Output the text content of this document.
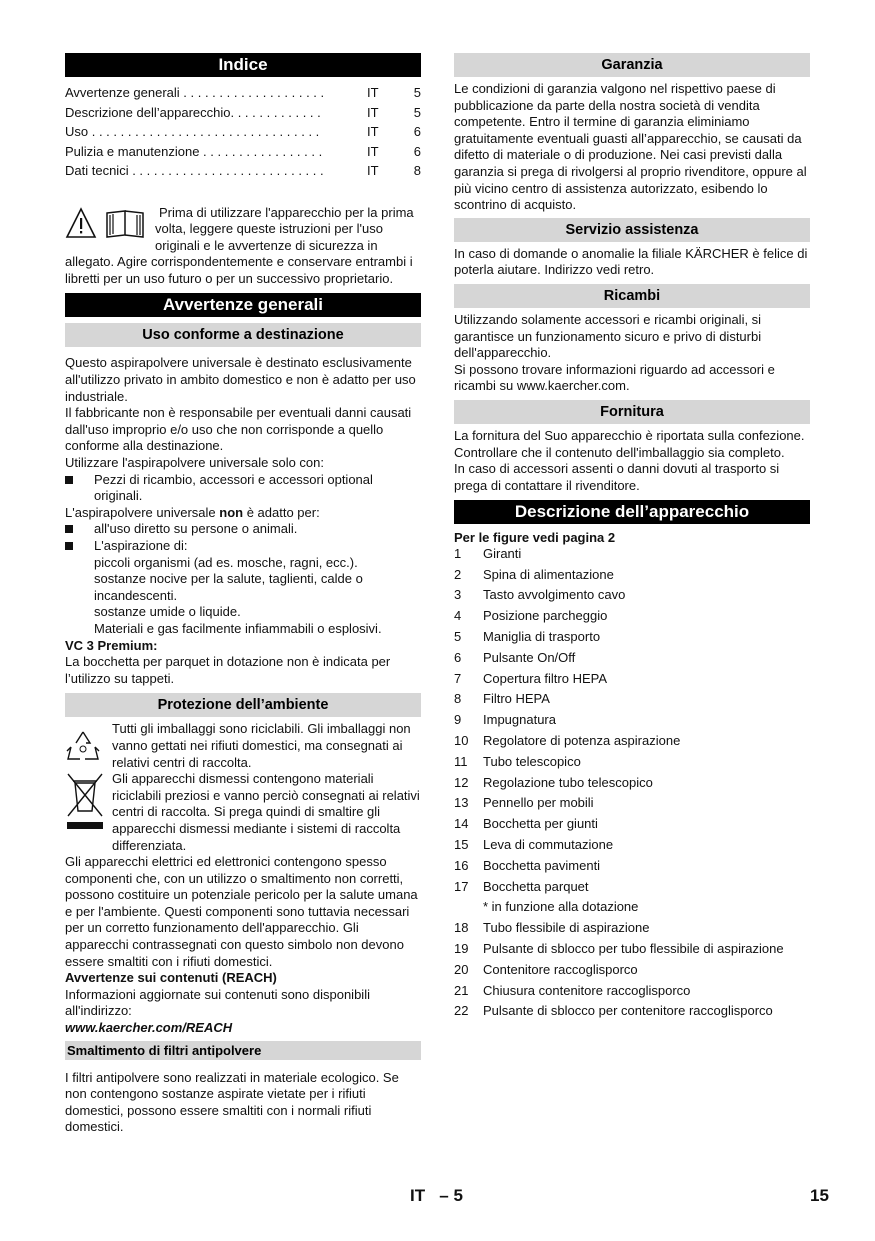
Indice
Avvertenze generali . . . . . . . . . . . . . . . . . . . .	IT	5
Descrizione dell’apparecchio. . . . . . . . . . . . .	IT	5
Uso . . . . . . . . . . . . . . . . . . . . . . . . . . . . . . . .	IT	6
Pulizia e manutenzione . . . . . . . . . . . . . . . . .	IT	6
Dati tecnici . . . . . . . . . . . . . . . . . . . . . . . . . . .	IT	8

Prima di utilizzare l'apparecchio per la prima volta, leggere queste istruzioni per l'uso originali e le avvertenze di sicurezza in allegato. Agire corrispondentemente e conservare entrambi i libretti per un uso futuro o per un successivo proprietario.

Avvertenze generali
Uso conforme a destinazione

Questo aspirapolvere universale è destinato esclusivamente all'utilizzo privato in ambito domestico e non è adatto per uso industriale.

Il fabbricante non è responsabile per eventuali danni causati dall'uso improprio e/o uso che non corrisponde a quello conforme alla destinazione.

Utilizzare l'aspirapolvere universale solo con:

Pezzi di ricambio, accessori e accessori optional originali.

L'aspirapolvere universale non è adatto per:

all'uso diretto su persone o animali.
L'aspirazione di:

piccoli organismi (ad es. mosche, ragni, ecc.).

sostanze nocive per la salute, taglienti, calde o incandescenti.

sostanze umide o liquide.

Materiali e gas facilmente infiammabili o esplosivi.

VC 3 Premium:

La bocchetta per parquet in dotazione non è indicata per l’utilizzo su tappeti.

Protezione dell’ambiente

Tutti gli imballaggi sono riciclabili. Gli imballaggi non vanno gettati nei rifiuti domestici, ma consegnati ai relativi centri di raccolta.

Gli apparecchi dismessi contengono materiali riciclabili preziosi e vanno perciò consegnati ai relativi centri di raccolta. Si prega quindi di smaltire gli apparecchi dismessi mediante i sistemi di raccolta differenziata.

Gli apparecchi elettrici ed elettronici contengono spesso componenti che, con un utilizzo o smaltimento non corretti, possono costituire un potenziale pericolo per la salute umana e per l'ambiente. Questi componenti sono tuttavia necessari per un corretto funzionamento dell'apparecchio. Gli apparecchi contrassegnati con questo simbolo non devono essere smaltiti con i rifiuti domestici.

Avvertenze sui contenuti (REACH)

Informazioni aggiornate sui contenuti sono disponibili all'indirizzo:

www.kaercher.com/REACH

Smaltimento di filtri antipolvere

I filtri antipolvere sono realizzati in materiale ecologico. Se non contengono sostanze aspirate vietate per i rifiuti domestici, possono essere smaltiti con i normali rifiuti domestici.

Garanzia

Le condizioni di garanzia valgono nel rispettivo paese di pubblicazione da parte della nostra società di vendita competente. Entro il termine di garanzia eliminiamo gratuitamente eventuali guasti all’apparecchio, se causati da difetto di materiale o di produzione. Nei casi previsti dalla garanzia si prega di rivolgersi al proprio rivenditore, oppure al più vicino centro di assistenza autorizzato, esibendo lo scontrino di acquisto.

Servizio assistenza

In caso di domande o anomalie la filiale KÄRCHER è felice di poterla aiutare. Indirizzo vedi retro.

Ricambi

Utilizzando solamente accessori e ricambi originali, si garantisce un funzionamento sicuro e privo di disturbi dell'apparecchio.

Si possono trovare informazioni riguardo ad accessori e ricambi su www.kaercher.com.

Fornitura

La fornitura del Suo apparecchio è riportata sulla confezione. Controllare che il contenuto dell'imballaggio sia completo.

In caso di accessori assenti o danni dovuti al trasporto si prega di contattare il rivenditore.

Descrizione dell’apparecchio

Per le figure vedi pagina 2

1	Giranti
2	Spina di alimentazione
3	Tasto avvolgimento cavo
4	Posizione parcheggio
5	Maniglia di trasporto
6	Pulsante On/Off
7	Copertura filtro HEPA
8	Filtro HEPA
9	Impugnatura
10	Regolatore di potenza aspirazione
11	Tubo telescopico
12	Regolazione tubo telescopico
13	Pennello per mobili
14	Bocchetta per giunti
15	Leva di commutazione
16	Bocchetta pavimenti
17	Bocchetta parquet
* in funzione alla dotazione
18	Tubo flessibile di aspirazione
19	Pulsante di sblocco per tubo flessibile di aspirazione
20	Contenitore raccoglisporco
21	Chiusura contenitore raccoglisporco
22	Pulsante di sblocco per contenitore raccoglisporco
IT   – 5	15
